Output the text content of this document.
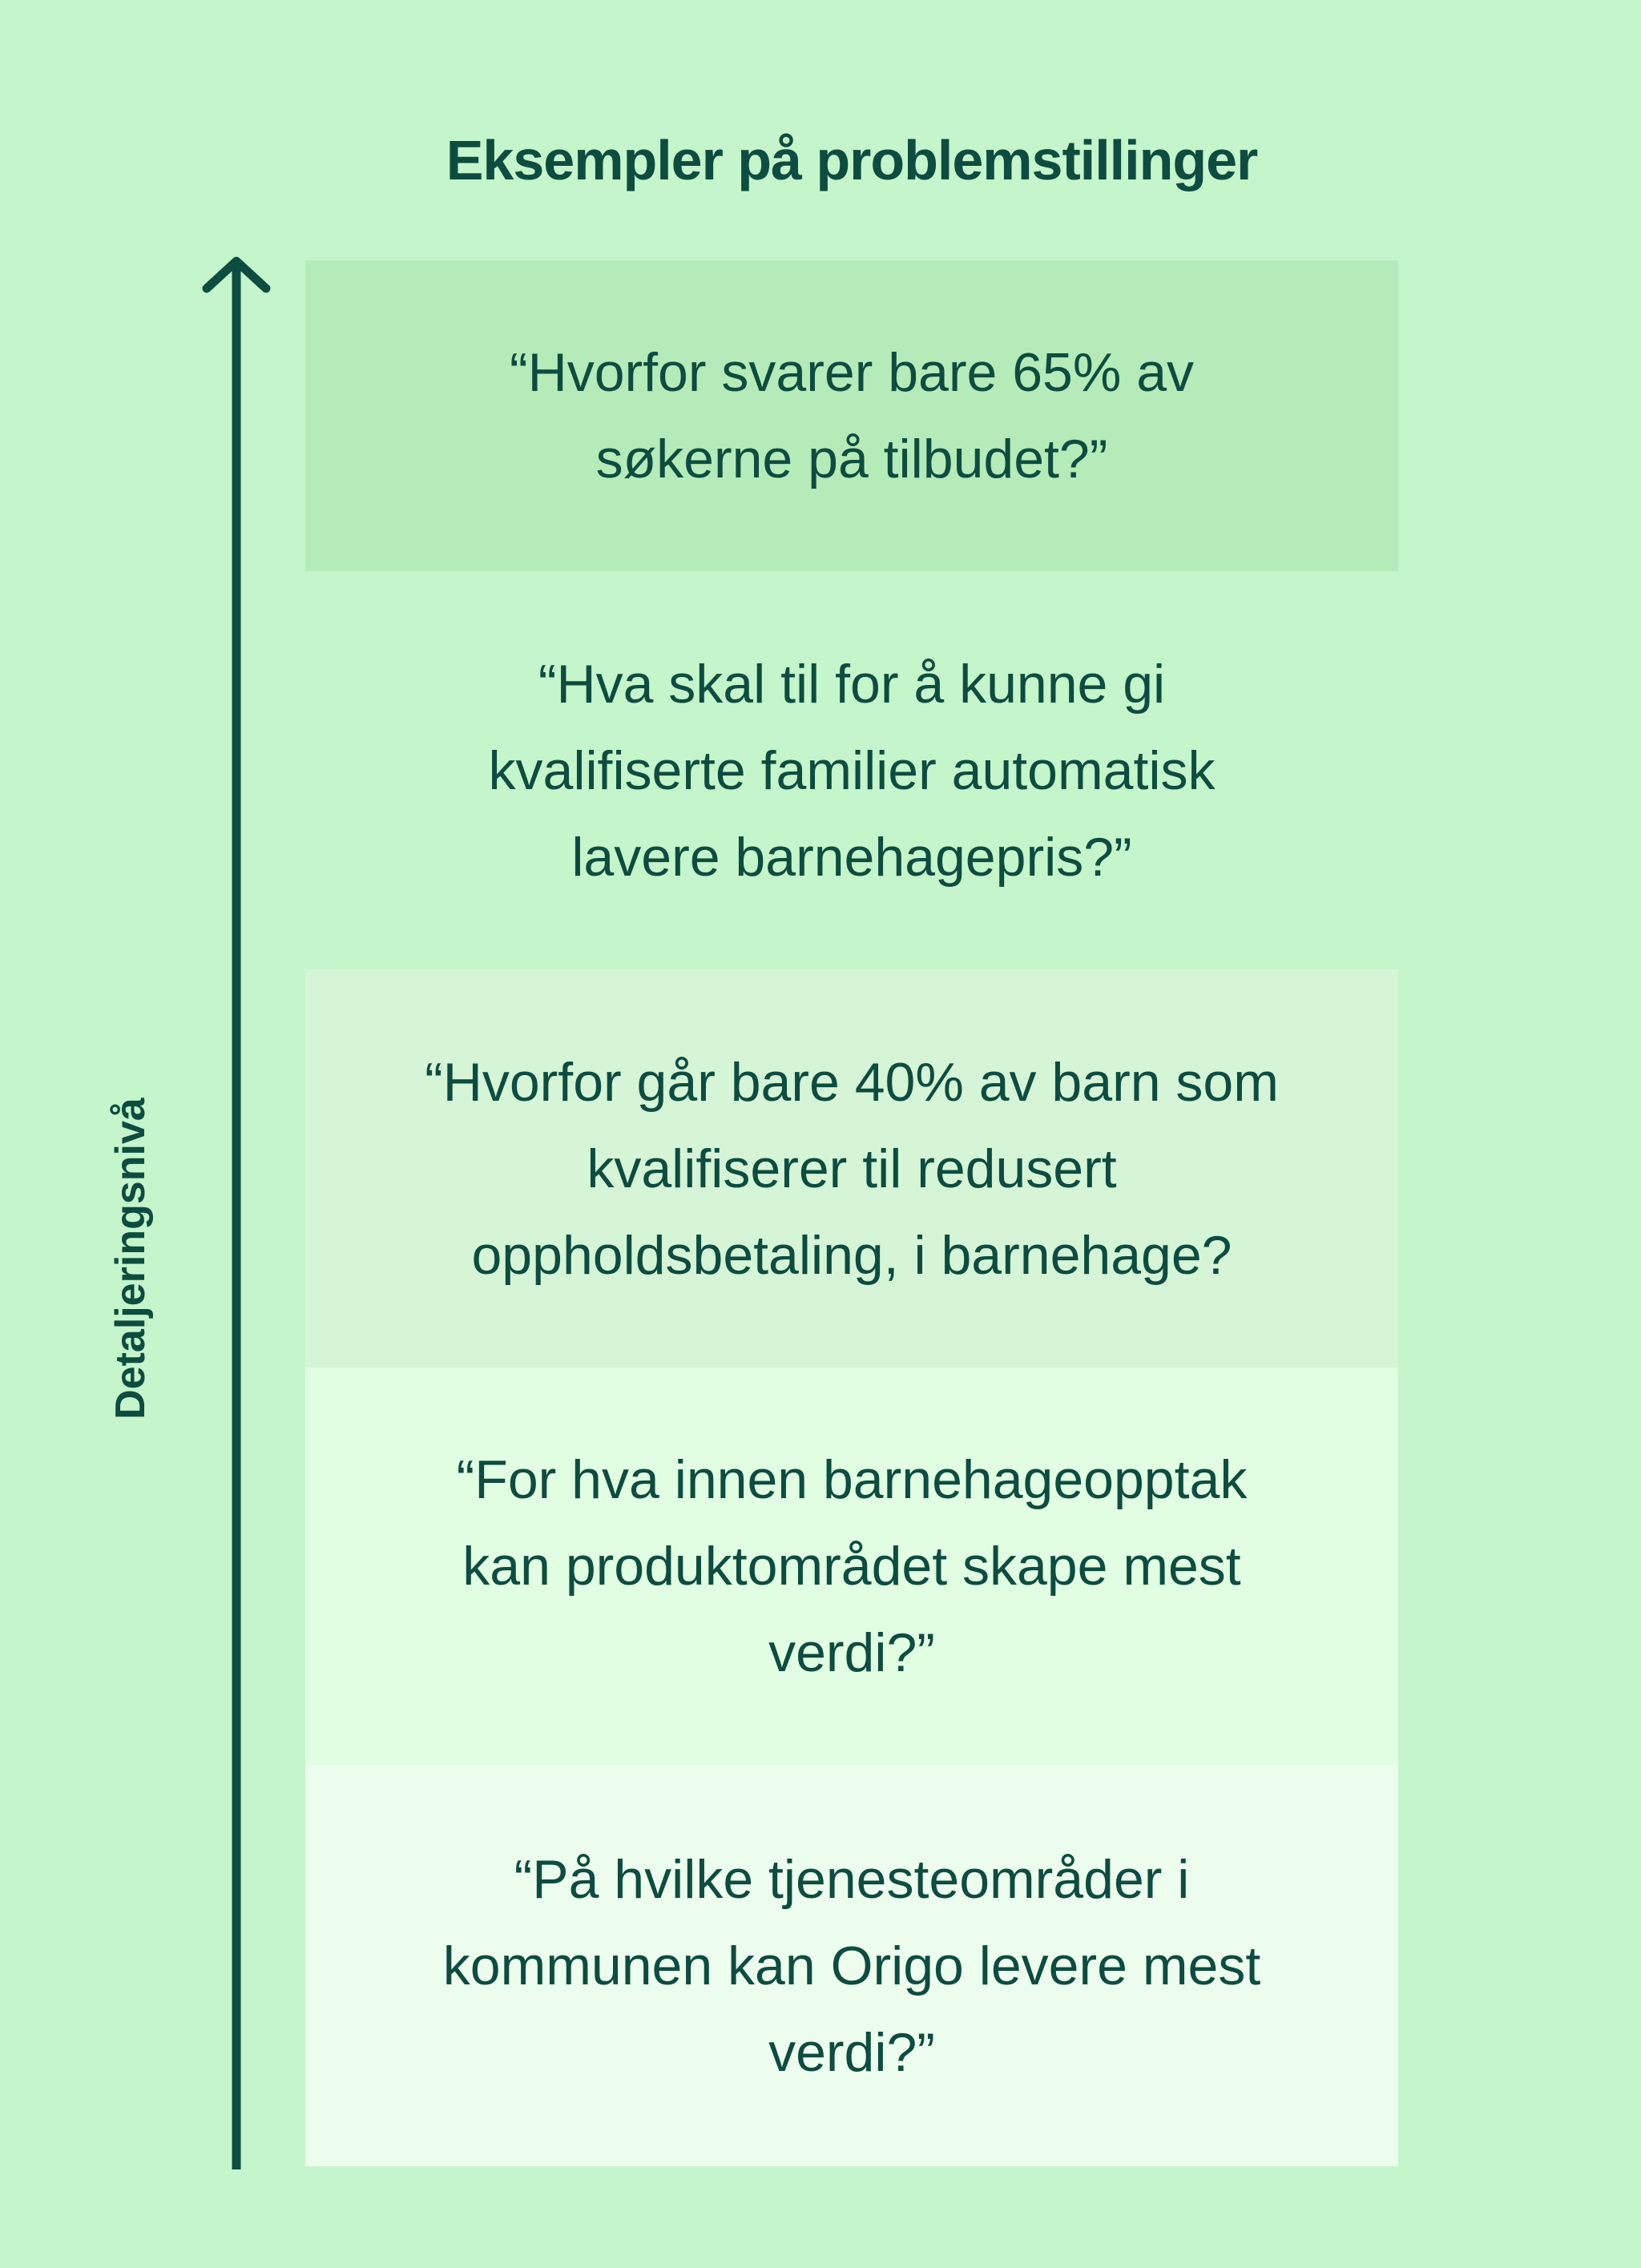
Eksempler på problemstillinger
Detaljeringsnivå
“Hvorfor svarer bare 65% av søkerne på tilbudet?”
“Hva skal til for å kunne gi kvalifiserte familier automatisk lavere barnehagepris?”
“Hvorfor går bare 40% av barn som kvalifiserer til redusert oppholdsbetaling, i barnehage?
“For hva innen barnehageopptak kan produktområdet skape mest verdi?”
“På hvilke tjenesteområder i kommunen kan Origo levere mest verdi?”
